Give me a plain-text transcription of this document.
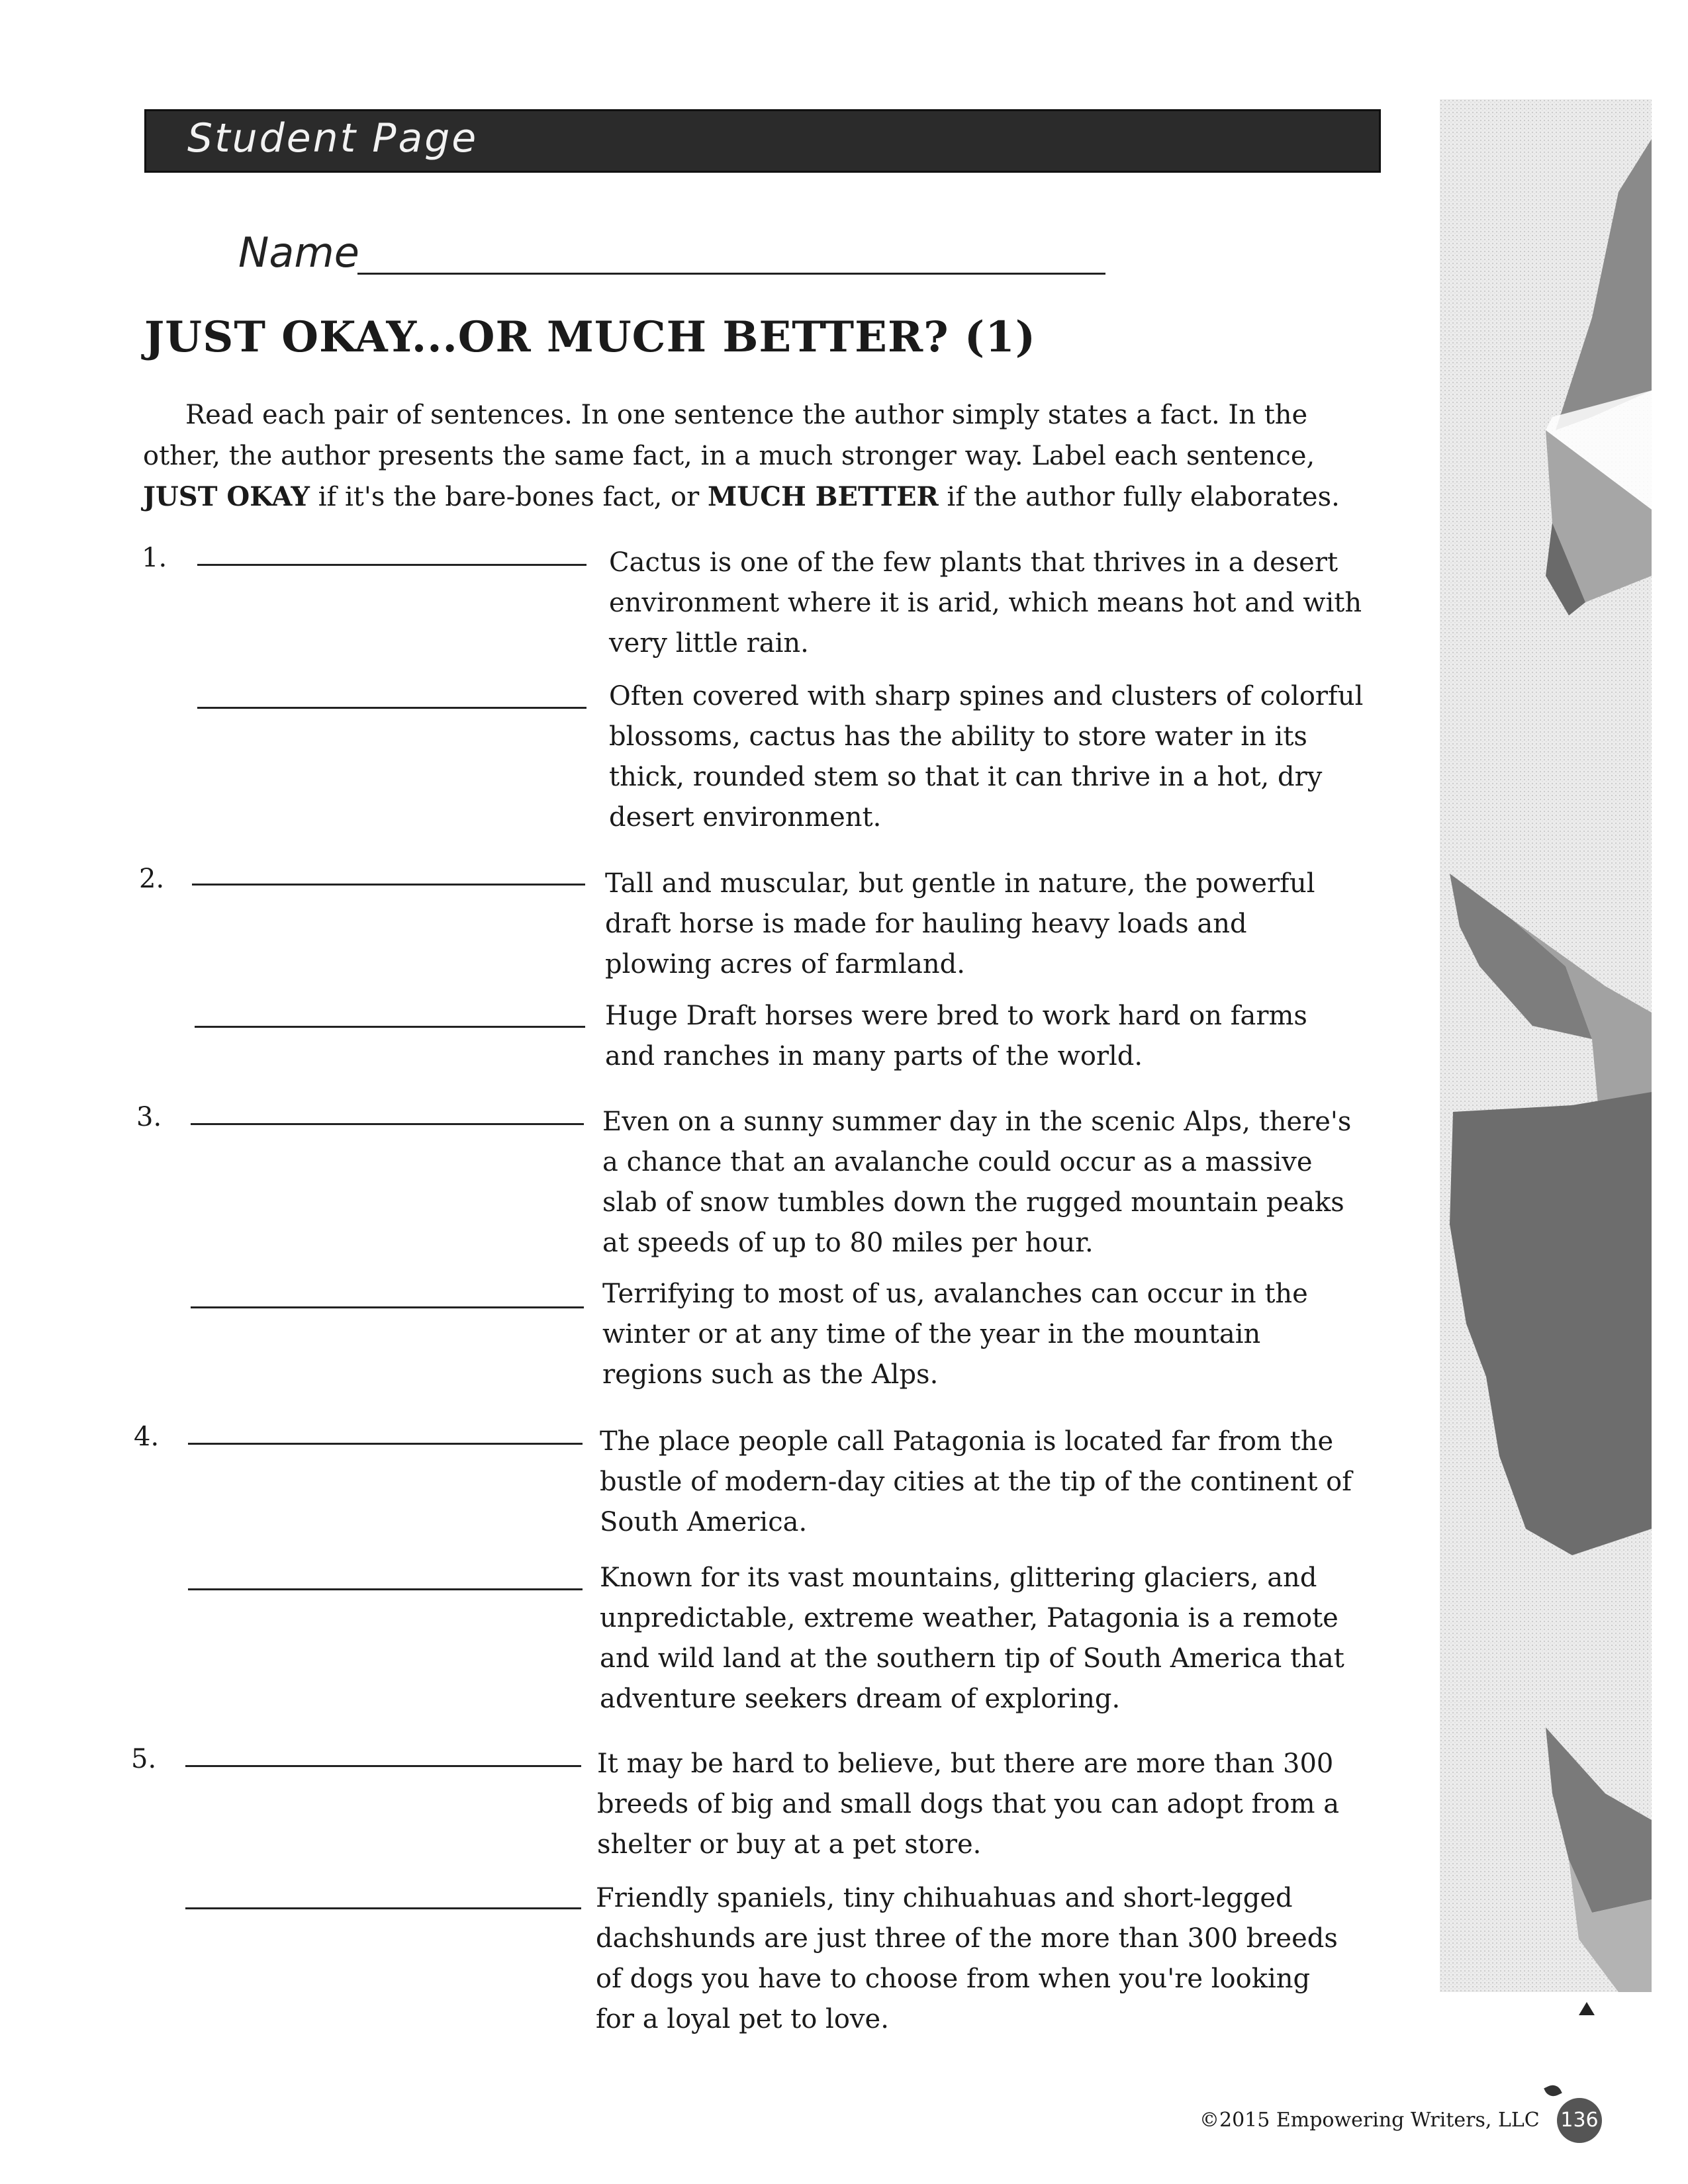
Student Page
Name
JUST OKAY...OR MUCH BETTER? (1)

Read each pair of sentences. In one sentence the author simply states a fact. In the

other, the author presents the same fact, in a much stronger way. Label each sentence,

JUST OKAY if it's the bare-bones fact, or MUCH BETTER if the author fully elaborates.

1.	Cactus is one of the few plants that thrives in a desert environment where it is arid, which means hot and with very little rain.
Often covered with sharp spines and clusters of colorful blossoms, cactus has the ability to store water in its thick, rounded stem so that it can thrive in a hot, dry desert environment.
2.	Tall and muscular, but gentle in nature, the powerful draft horse is made for hauling heavy loads and plowing acres of farmland.
Huge Draft horses were bred to work hard on farms and ranches in many parts of the world.
3.	Even on a sunny summer day in the scenic Alps, there's a chance that an avalanche could occur as a massive slab of snow tumbles down the rugged mountain peaks at speeds of up to 80 miles per hour.
Terrifying to most of us, avalanches can occur in the winter or at any time of the year in the mountain regions such as the Alps.
4.	The place people call Patagonia is located far from the bustle of modern-day cities at the tip of the continent of South America.
Known for its vast mountains, glittering glaciers, and unpredictable, extreme weather, Patagonia is a remote and wild land at the southern tip of South America that adventure seekers dream of exploring.
5.	It may be hard to believe, but there are more than 300 breeds of big and small dogs that you can adopt from a shelter or buy at a pet store.
Friendly spaniels, tiny chihuahuas and short-legged dachshunds are just three of the more than 300 breeds of dogs you have to choose from when you're looking for a loyal pet to love.
©2015 Empowering Writers, LLC 136
